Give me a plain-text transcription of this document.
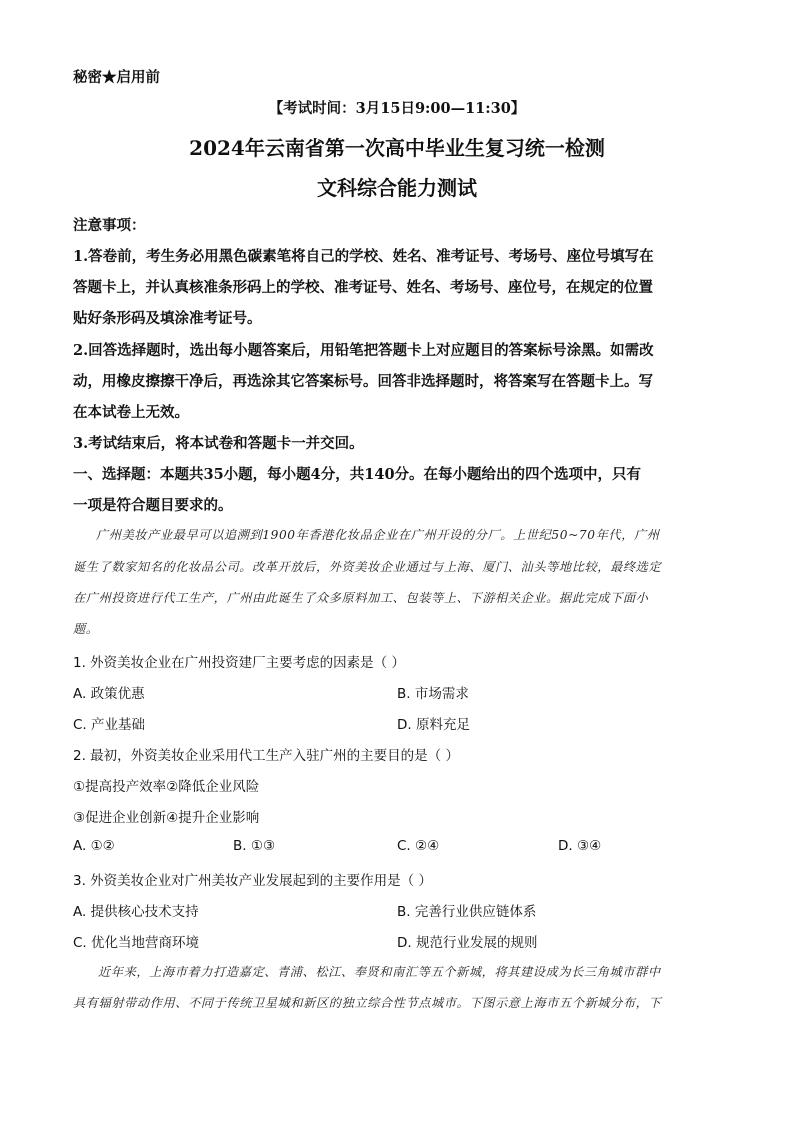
秘密★启用前
【考试时间：3月15日9:00—11:30】
2024年云南省第一次高中毕业生复习统一检测
文科综合能力测试
注意事项：
1.答卷前，考生务必用黑色碳素笔将自己的学校、姓名、准考证号、考场号、座位号填写在
答题卡上，并认真核准条形码上的学校、准考证号、姓名、考场号、座位号，在规定的位置
贴好条形码及填涂准考证号。
2.回答选择题时，选出每小题答案后，用铅笔把答题卡上对应题目的答案标号涂黑。如需改
动，用橡皮擦擦干净后，再选涂其它答案标号。回答非选择题时，将答案写在答题卡上。写
在本试卷上无效。
3.考试结束后，将本试卷和答题卡一并交回。
一、选择题：本题共35小题，每小题4分，共140分。在每小题给出的四个选项中，只有
一项是符合题目要求的。
广州美妆产业最早可以追溯到1900年香港化妆品企业在广州开设的分厂。上世纪50~70年代，广州
诞生了数家知名的化妆品公司。改革开放后，外资美妆企业通过与上海、厦门、汕头等地比较，最终选定
在广州投资进行代工生产，广州由此诞生了众多原料加工、包装等上、下游相关企业。据此完成下面小
题。
1. 外资美妆企业在广州投资建厂主要考虑的因素是（ ）
A. 政策优惠	B. 市场需求
C. 产业基础	D. 原料充足
2. 最初，外资美妆企业采用代工生产入驻广州的主要目的是（ ）
①提高投产效率②降低企业风险
③促进企业创新④提升企业影响
A. ①②	B. ①③	C. ②④	D. ③④
3. 外资美妆企业对广州美妆产业发展起到的主要作用是（ ）
A. 提供核心技术支持	B. 完善行业供应链体系
C. 优化当地营商环境	D. 规范行业发展的规则
近年来，上海市着力打造嘉定、青浦、松江、奉贤和南汇等五个新城，将其建设成为长三角城市群中
具有辐射带动作用、不同于传统卫星城和新区的独立综合性节点城市。下图示意上海市五个新城分布，下
